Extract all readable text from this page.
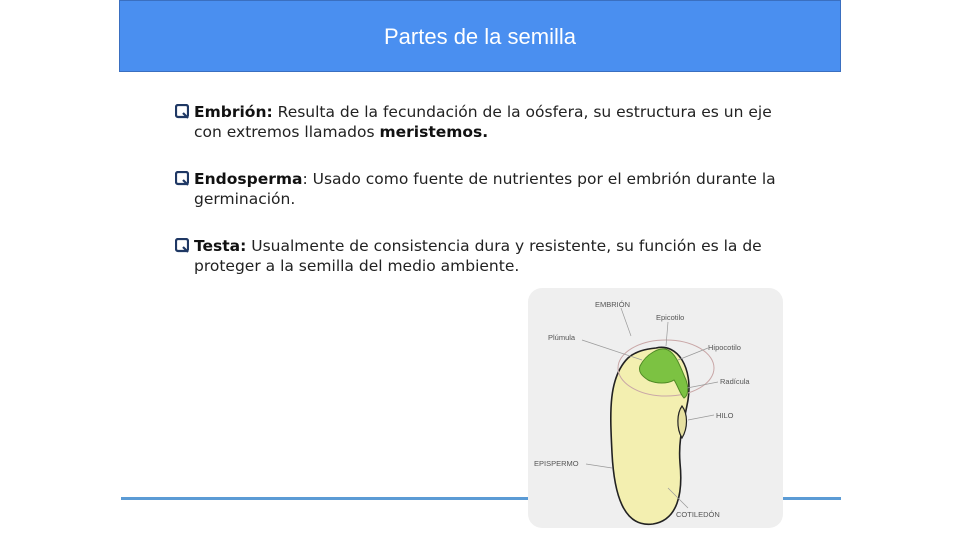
Partes de la semilla
Embrión: Resulta de la fecundación de la oósfera, su estructura es un eje con extremos llamados meristemos.
Endosperma: Usado como fuente de nutrientes por el embrión durante la germinación.
Testa: Usualmente de consistencia dura y resistente, su función es la de proteger a la semilla del medio ambiente.
EMBRIÓN
Epicotilo
Plúmula
Hipocotilo
Radícula
HILO
EPISPERMO
COTILEDÓN
